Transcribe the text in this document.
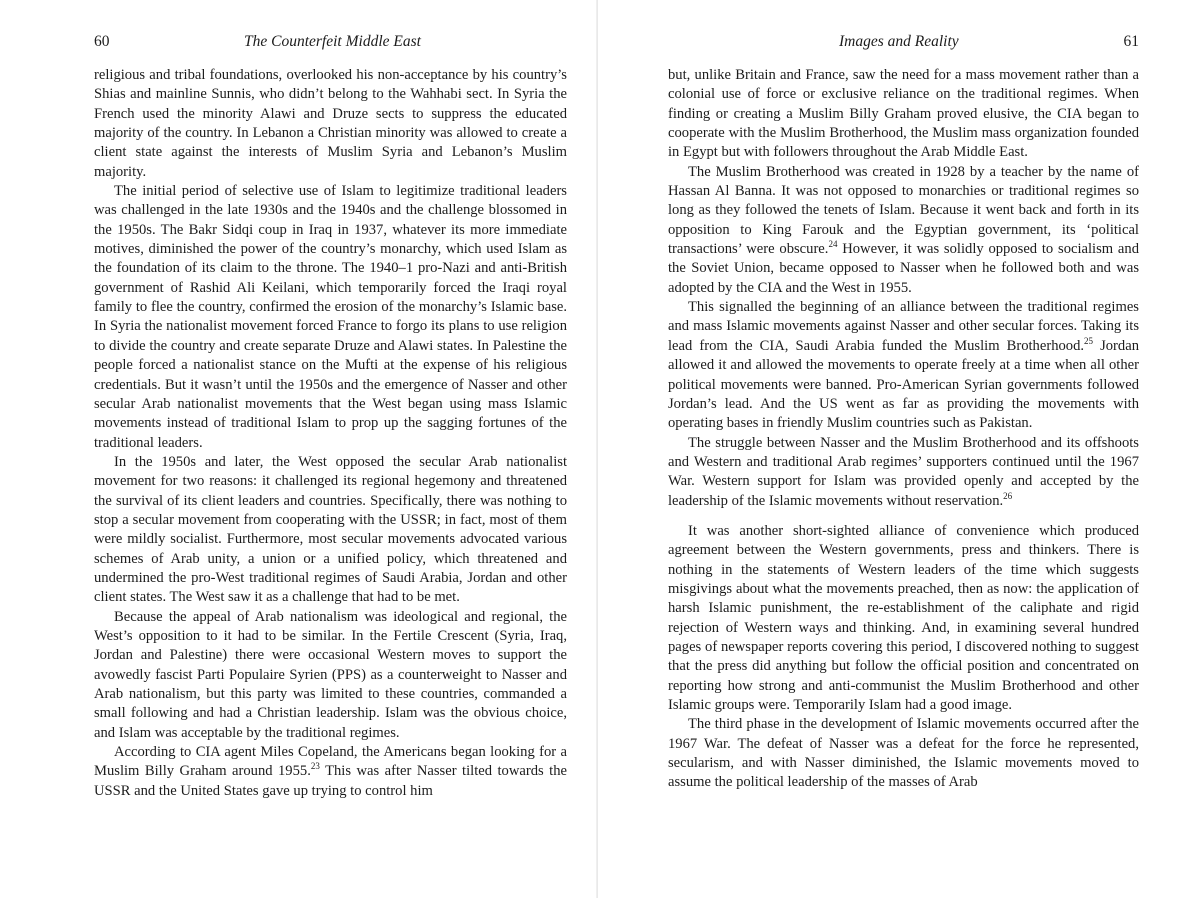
60	The Counterfeit Middle East

religious and tribal foundations, overlooked his non-acceptance by his country’s Shias and mainline Sunnis, who didn’t belong to the Wahhabi sect. In Syria the French used the minority Alawi and Druze sects to suppress the educated majority of the country. In Lebanon a Christian minority was allowed to create a client state against the interests of Muslim Syria and Lebanon’s Muslim majority.

The initial period of selective use of Islam to legitimize traditional leaders was challenged in the late 1930s and the 1940s and the challenge blossomed in the 1950s. The Bakr Sidqi coup in Iraq in 1937, whatever its more immediate motives, diminished the power of the country’s monarchy, which used Islam as the foundation of its claim to the throne. The 1940–1 pro-Nazi and anti-British government of Rashid Ali Keilani, which temporarily forced the Iraqi royal family to flee the country, confirmed the erosion of the monarchy’s Islamic base. In Syria the nationalist movement forced France to forgo its plans to use religion to divide the country and create separate Druze and Alawi states. In Palestine the people forced a nationalist stance on the Mufti at the expense of his religious credentials. But it wasn’t until the 1950s and the emergence of Nasser and other secular Arab nationalist movements that the West began using mass Islamic movements instead of traditional Islam to prop up the sagging fortunes of the traditional leaders.

In the 1950s and later, the West opposed the secular Arab nationalist movement for two reasons: it challenged its regional hegemony and threatened the survival of its client leaders and countries. Specifically, there was nothing to stop a secular movement from cooperating with the USSR; in fact, most of them were mildly socialist. Furthermore, most secular movements advocated various schemes of Arab unity, a union or a unified policy, which threatened and undermined the pro-West traditional regimes of Saudi Arabia, Jordan and other client states. The West saw it as a challenge that had to be met.

Because the appeal of Arab nationalism was ideological and regional, the West’s opposition to it had to be similar. In the Fertile Crescent (Syria, Iraq, Jordan and Palestine) there were occasional Western moves to support the avowedly fascist Parti Populaire Syrien (PPS) as a counterweight to Nasser and Arab nationalism, but this party was limited to these countries, commanded a small following and had a Christian leadership. Islam was the obvious choice, and Islam was acceptable by the traditional regimes.

According to CIA agent Miles Copeland, the Americans began looking for a Muslim Billy Graham around 1955.23 This was after Nasser tilted towards the USSR and the United States gave up trying to control him

Images and Reality	61

but, unlike Britain and France, saw the need for a mass movement rather than a colonial use of force or exclusive reliance on the traditional regimes. When finding or creating a Muslim Billy Graham proved elusive, the CIA began to cooperate with the Muslim Brotherhood, the Muslim mass organization founded in Egypt but with followers throughout the Arab Middle East.

The Muslim Brotherhood was created in 1928 by a teacher by the name of Hassan Al Banna. It was not opposed to monarchies or traditional regimes so long as they followed the tenets of Islam. Because it went back and forth in its opposition to King Farouk and the Egyptian government, its ‘political transactions’ were obscure.$^{24}$ However, it was solidly opposed to socialism and the Soviet Union, became opposed to Nasser when he followed both and was adopted by the CIA and the West in 1955.

This signalled the beginning of an alliance between the traditional regimes and mass Islamic movements against Nasser and other secular forces. Taking its lead from the CIA, Saudi Arabia funded the Muslim Brotherhood.$^{25}$ Jordan allowed it and allowed the movements to operate freely at a time when all other political movements were banned. Pro-American Syrian governments followed Jordan’s lead. And the US went as far as providing the movements with operating bases in friendly Muslim countries such as Pakistan.

The struggle between Nasser and the Muslim Brotherhood and its offshoots and Western and traditional Arab regimes’ supporters continued until the 1967 War. Western support for Islam was provided openly and accepted by the leadership of the Islamic movements without reservation.$^{26}$

It was another short-sighted alliance of convenience which produced agreement between the Western governments, press and thinkers. There is nothing in the statements of Western leaders of the time which suggests misgivings about what the movements preached, then as now: the application of harsh Islamic punishment, the re-establishment of the caliphate and rigid rejection of Western ways and thinking. And, in examining several hundred pages of newspaper reports covering this period, I discovered nothing to suggest that the press did anything but follow the official position and concentrated on reporting how strong and anti-communist the Muslim Brotherhood and other Islamic groups were. Temporarily Islam had a good image.

The third phase in the development of Islamic movements occurred after the 1967 War. The defeat of Nasser was a defeat for the force he represented, secularism, and with Nasser diminished, the Islamic movements moved to assume the political leadership of the masses of Arab
